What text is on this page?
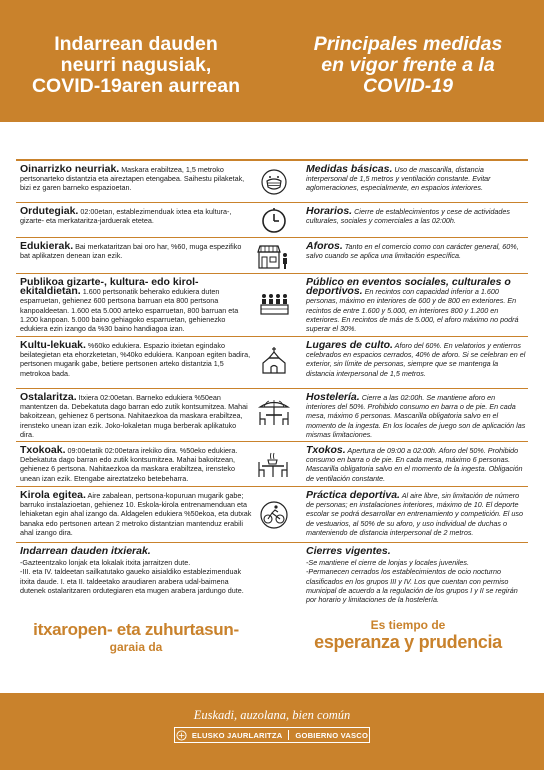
Indarrean dauden
neurri nagusiak,
COVID-19aren aurrean
Principales medidas
en vigor frente a la
COVID-19
Oinarrizko neurriak. Maskara erabiltzea, 1,5 metroko pertsonarteko distantzia eta aireztapen etengabea. Saihestu pilaketak, bizi ez garen barneko espazioetan.
Medidas básicas. Uso de mascarilla, distancia interpersonal de 1,5 metros y ventilación constante. Evitar aglomeraciones, especialmente, en espacios interiores.
Ordutegiak. 02:00etan, establezimenduak ixtea eta kultura-, gizarte- eta merkataritza-jarduerak etetea.
Horarios. Cierre de establecimientos y cese de actividades culturales, sociales y comerciales a las 02:00h.
Edukierak. Bai merkataritzan bai oro har, %60, muga espezifiko bat aplikatzen denean izan ezik.
Aforos. Tanto en el comercio como con carácter general, 60%, salvo cuando se aplica una limitación específica.
Publikoa gizarte-, kultura- edo kirol-ekitaldietan. 1.600 pertsonatik beherako edukiera duten esparruetan, gehienez 600 pertsona barruan eta 800 pertsona kanpoaldeetan. 1.600 eta 5.000 arteko esparruetan, 800 barruan eta 1.200 kanpoan. 5.000 baino gehiagoko esparruetan, gehienezko edukiera ezin izango da %30 baino handiagoa izan.
Público en eventos sociales, culturales o deportivos. En recintos con capacidad inferior a 1.600 personas, máximo en interiores de 600 y de 800 en exteriores. En recintos de entre 1.600 y 5.000, en interiores 800 y 1.200 en exteriores. En recintos de más de 5.000, el aforo máximo no podrá superar el 30%.
Kultu-lekuak. %60ko edukiera. Espazio itxietan egindako beilategietan eta ehorzketetan, %40ko edukiera. Kanpoan egiten badira, pertsonen mugarik gabe, betiere pertsonen arteko distantzia 1,5 metrokoa bada.
Lugares de culto. Aforo del 60%. En velatorios y entierros celebrados en espacios cerrados, 40% de aforo. Si se celebran en el exterior, sin límite de personas, siempre que se mantenga la distancia interpersonal de 1,5 metros.
Ostalaritza. Itxiera 02:00etan. Barneko edukiera %50ean mantentzen da. Debekatuta dago barran edo zutik kontsumitzea. Mahai bakoitzean, gehienez 6 pertsona. Nahitaezkoa da maskara erabiltzea, irensteko unean izan ezik. Joko-lokaletan muga berberak aplikatuko dira.
Hostelería. Cierre a las 02:00h. Se mantiene aforo en interiores del 50%. Prohibido consumo en barra o de pie. En cada mesa, máximo 6 personas. Mascarilla obligatoria salvo en el momento de la ingesta. En los locales de juego son de aplicación las mismas limitaciones.
Txokoak. 09:00etatik 02:00etara irekiko dira. %50eko edukiera. Debekatuta dago barran edo zutik kontsumitzea. Mahai bakoitzean, gehienez 6 pertsona. Nahitaezkoa da maskara erabiltzea, irensteko unean izan ezik. Etengabe aireztatzeko betebeharra.
Txokos. Apertura de 09:00 a 02:00h. Aforo del 50%. Prohibido consumo en barra o de pie. En cada mesa, máximo 6 personas. Mascarilla obligatoria salvo en el momento de la ingesta. Obligación de ventilación constante.
Kirola egitea. Aire zabalean, pertsona-kopuruan mugarik gabe; barruko instalazioetan, gehienez 10. Eskola-kirola entrenamenduan eta lehiaketan egin ahal izango da. Aldagelen edukiera %50ekoa, eta dutxak banaka edo pertsonen artean 2 metroko distantzian mantenduz erabili ahal izango dira.
Práctica deportiva. Al aire libre, sin limitación de número de personas; en instalaciones interiores, máximo de 10. El deporte escolar se podrá desarrollar en entrenamiento y competición. El uso de vestuarios, al 50% de su aforo, y uso individual de duchas o manteniendo de distancia interpersonal de 2 metros.
Indarrean dauden itxierak.
-Gazteentzako lonjak eta lokalak itxita jarraitzen dute.
-III. eta IV. taldeetan sailkatutako gaueko aisialdiko establezimenduak itxita daude. I. eta II. taldeetako araudiaren arabera udal-baimena dutenek ostalaritzaren ordutegiaren eta mugen arabera jardungo dute.
Cierres vigentes.
-Se mantiene el cierre de lonjas y locales juveniles.
-Permanecen cerrados los establecimientos de ocio nocturno clasificados en los grupos III y IV. Los que cuentan con permiso municipal de acuerdo a la regulación de los grupos I y II se regirán por horario y limitaciones de la hostelería.
itxaropen- eta zuhurtasun-
garaia da
Es tiempo de
esperanza y prudencia
Euskadi, auzolana, bien común
ELUSKO JAURLARITZA GOBIERNO VASCO
